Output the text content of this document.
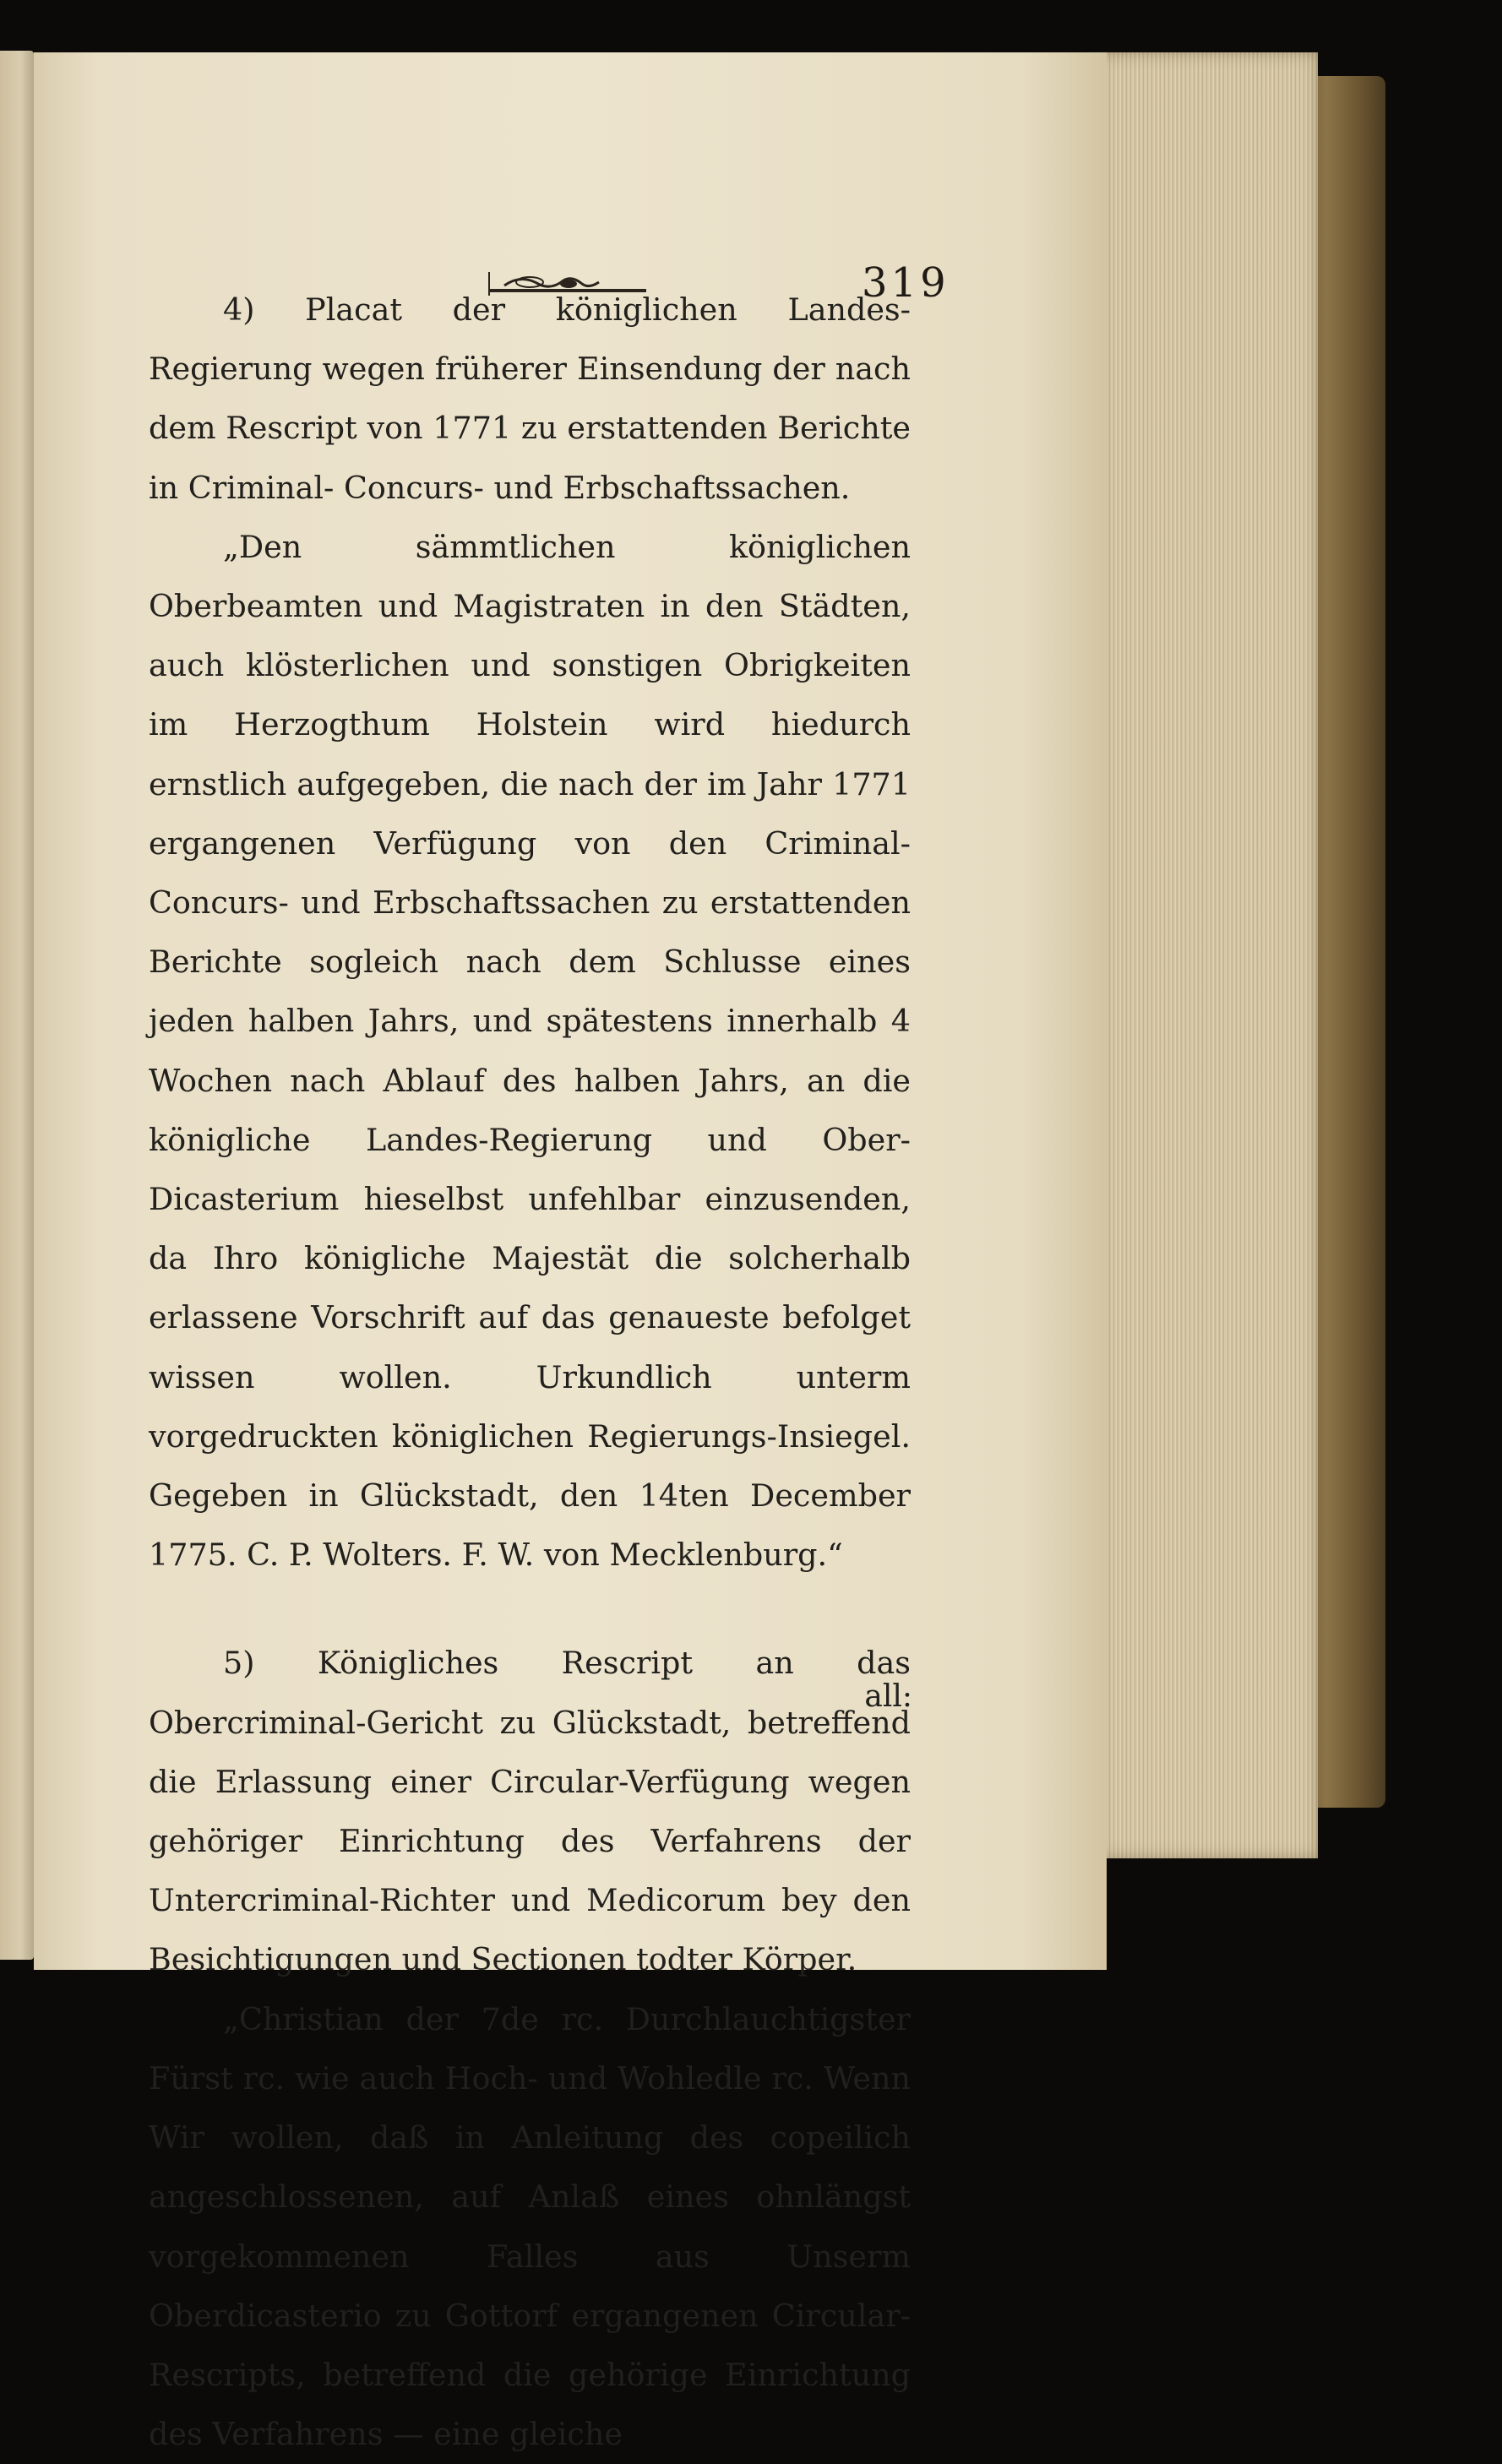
319

4) Placat der königlichen Landes-Regierung wegen früherer Einsendung der nach dem Rescript von 1771 zu erstattenden Berichte in Criminal- Concurs- und Erbschaftssachen.

„Den sämmtlichen königlichen Oberbeamten und Magistraten in den Städten, auch klösterlichen und sonstigen Obrigkeiten im Herzogthum Holstein wird hiedurch ernstlich aufgegeben, die nach der im Jahr 1771 ergangenen Verfügung von den Criminal- Concurs- und Erbschaftssachen zu erstattenden Berichte sogleich nach dem Schlusse eines jeden halben Jahrs, und spätestens innerhalb 4 Wochen nach Ablauf des halben Jahrs, an die königliche Landes-Regierung und Ober-Dicasterium hieselbst unfehlbar einzusenden, da Ihro königliche Majestät die solcherhalb erlassene Vorschrift auf das genaueste befolget wissen wollen. Urkundlich unterm vorgedruckten königlichen Regierungs-Insiegel. Gegeben in Glückstadt, den 14ten December 1775. C. P. Wolters. F. W. von Mecklenburg.“

5) Königliches Rescript an das Obercriminal-Gericht zu Glückstadt, betreffend die Erlassung einer Circular-Verfügung wegen gehöriger Einrichtung des Verfahrens der Untercriminal-Richter und Medicorum bey den Besichtigungen und Sectionen todter Körper.

„Christian der 7de rc. Durchlauchtigster Fürst rc. wie auch Hoch- und Wohledle rc. Wenn Wir wollen, daß in Anleitung des copeilich angeschlossenen, auf Anlaß eines ohnlängst vorgekommenen Falles aus Unserm Oberdicasterio zu Gottorf ergangenen Circular-Rescripts, betreffend die gehörige Einrichtung des Verfahrens — eine gleiche

all:
